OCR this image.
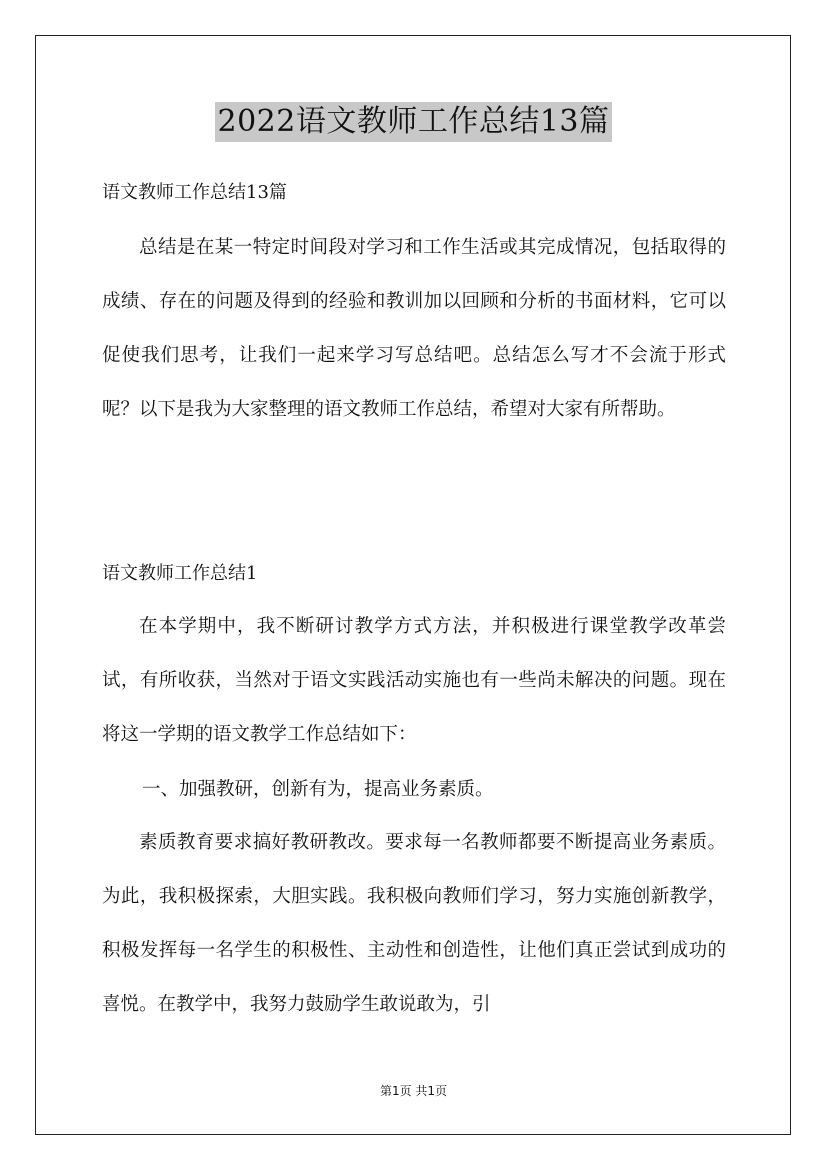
2022语文教师工作总结13篇
语文教师工作总结13篇

总结是在某一特定时间段对学习和工作生活或其完成情况，包括取得的成绩、存在的问题及得到的经验和教训加以回顾和分析的书面材料，它可以促使我们思考，让我们一起来学习写总结吧。总结怎么写才不会流于形式呢？以下是我为大家整理的语文教师工作总结，希望对大家有所帮助。

语文教师工作总结1

在本学期中，我不断研讨教学方式方法，并积极进行课堂教学改革尝试，有所收获，当然对于语文实践活动实施也有一些尚未解决的问题。现在将这一学期的语文教学工作总结如下：

一、加强教研，创新有为，提高业务素质。

素质教育要求搞好教研教改。要求每一名教师都要不断提高业务素质。为此，我积极探索，大胆实践。我积极向教师们学习，努力实施创新教学，积极发挥每一名学生的积极性、主动性和创造性，让他们真正尝试到成功的喜悦。在教学中，我努力鼓励学生敢说敢为，引

第1页 共1页
